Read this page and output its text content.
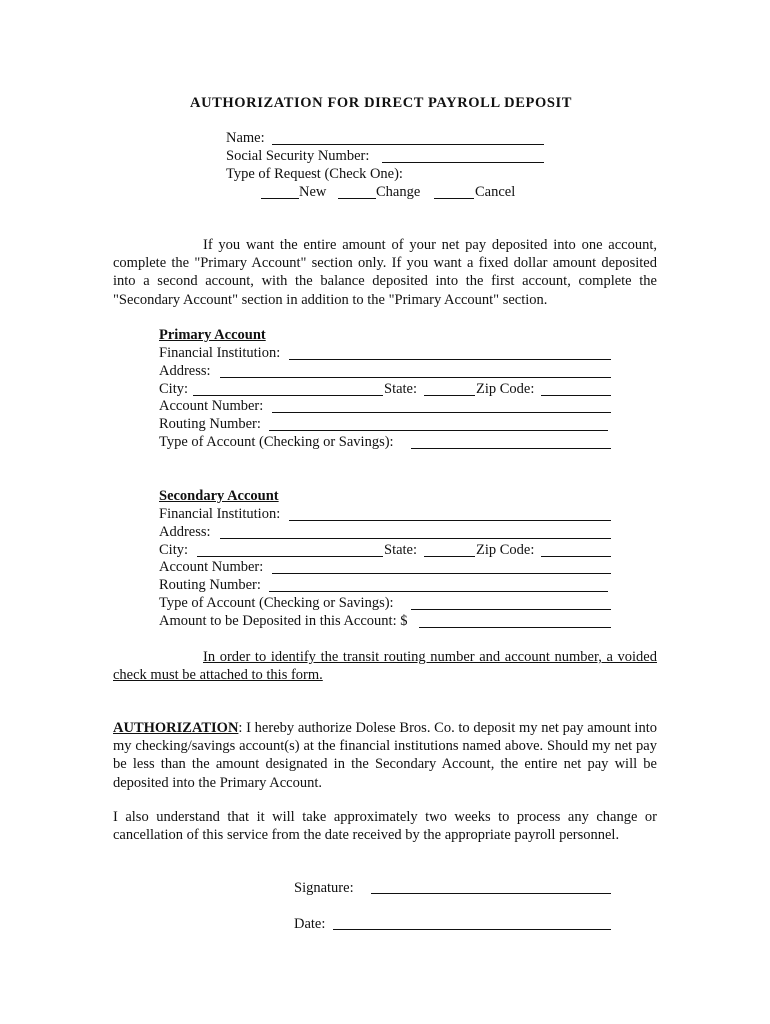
AUTHORIZATION FOR DIRECT PAYROLL DEPOSIT
Name:
Social Security Number:
Type of Request (Check One):
New	Change	Cancel

If you want the entire amount of your net pay deposited into one account, complete the "Primary Account" section only. If you want a fixed dollar amount deposited into a second account, with the balance deposited into the first account, complete the "Secondary Account" section in addition to the "Primary Account" section.

Primary Account
Financial Institution:
Address:
City:	State:	Zip Code:
Account Number:
Routing Number:
Type of Account (Checking or Savings):
Secondary Account
Financial Institution:
Address:
City:	State:	Zip Code:
Account Number:
Routing Number:
Type of Account (Checking or Savings):
Amount to be Deposited in this Account: $

In order to identify the transit routing number and account number, a voided check must be attached to this form.

AUTHORIZATION: I hereby authorize Dolese Bros. Co. to deposit my net pay amount into my checking/savings account(s) at the financial institutions named above. Should my net pay be less than the amount designated in the Secondary Account, the entire net pay will be deposited into the Primary Account.

I also understand that it will take approximately two weeks to process any change or cancellation of this service from the date received by the appropriate payroll personnel.

Signature:
Date:
